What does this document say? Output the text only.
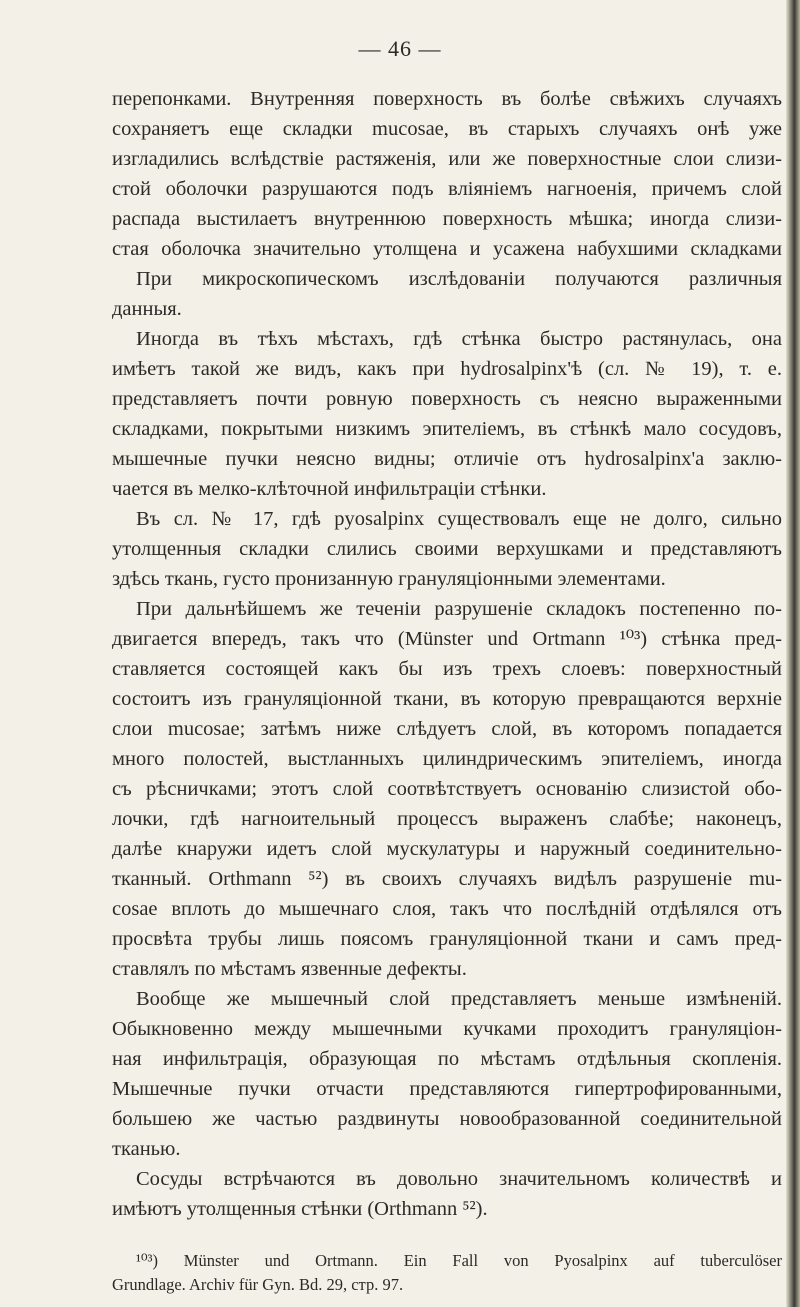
— 46 —
перепонками. Внутренняя поверхность въ болѣе свѣжихъ случаяхъ
сохраняетъ еще складки mucosae, въ старыхъ случаяхъ онѣ уже
изгладились вслѣдствіе растяженія, или же поверхностные слои слизи-
стой оболочки разрушаются подъ вліяніемъ нагноенія, причемъ слой
распада выстилаетъ внутреннюю поверхность мѣшка; иногда слизи-
стая оболочка значительно утолщена и усажена набухшими складками
При микроскопическомъ изслѣдованіи получаются различныя
данныя.
Иногда въ тѣхъ мѣстахъ, гдѣ стѣнка быстро растянулась, она
имѣетъ такой же видъ, какъ при hydrosalpinx'ѣ (сл. № 19), т. е.
представляетъ почти ровную поверхность съ неясно выраженными
складками, покрытыми низкимъ эпителіемъ, въ стѣнкѣ мало сосудовъ,
мышечные пучки неясно видны; отличіе отъ hydrosalpinx'а заклю-
чается въ мелко-клѣточной инфильтраціи стѣнки.
Въ сл. № 17, гдѣ pyosalpinx существовалъ еще не долго, сильно
утолщенныя складки слились своими верхушками и представляютъ
здѣсь ткань, густо пронизанную грануляціонными элементами.
При дальнѣйшемъ же теченіи разрушеніе складокъ постепенно по-
двигается впередъ, такъ что (Münster und Ortmann ¹⁰³) стѣнка пред-
ставляется состоящей какъ бы изъ трехъ слоевъ: поверхностный
состоитъ изъ грануляціонной ткани, въ которую превращаются верхніе
слои mucosae; затѣмъ ниже слѣдуетъ слой, въ которомъ попадается
много полостей, выстланныхъ цилиндрическимъ эпителіемъ, иногда
съ рѣсничками; этотъ слой соотвѣтствуетъ основанію слизистой обо-
лочки, гдѣ нагноительный процессъ выраженъ слабѣе; наконецъ,
далѣе кнаружи идетъ слой мускулатуры и наружный соединительно-
тканный. Orthmann ⁵²) въ своихъ случаяхъ видѣлъ разрушеніе mu-
cosae вплоть до мышечнаго слоя, такъ что послѣдній отдѣлялся отъ
просвѣта трубы лишь поясомъ грануляціонной ткани и самъ пред-
ставлялъ по мѣстамъ язвенные дефекты.
Вообще же мышечный слой представляетъ меньше измѣненій.
Обыкновенно между мышечными кучками проходитъ грануляціон-
ная инфильтрація, образующая по мѣстамъ отдѣльныя скопленія.
Мышечные пучки отчасти представляются гипертрофированными,
большею же частью раздвинуты новообразованной соединительной
тканью.
Сосуды встрѣчаются въ довольно значительномъ количествѣ и
имѣютъ утолщенныя стѣнки (Orthmann ⁵²).
¹⁰³) Münster und Ortmann. Ein Fall von Pyosalpinx auf tuberculöser
Grundlage. Archiv für Gyn. Bd. 29, стр. 97.
